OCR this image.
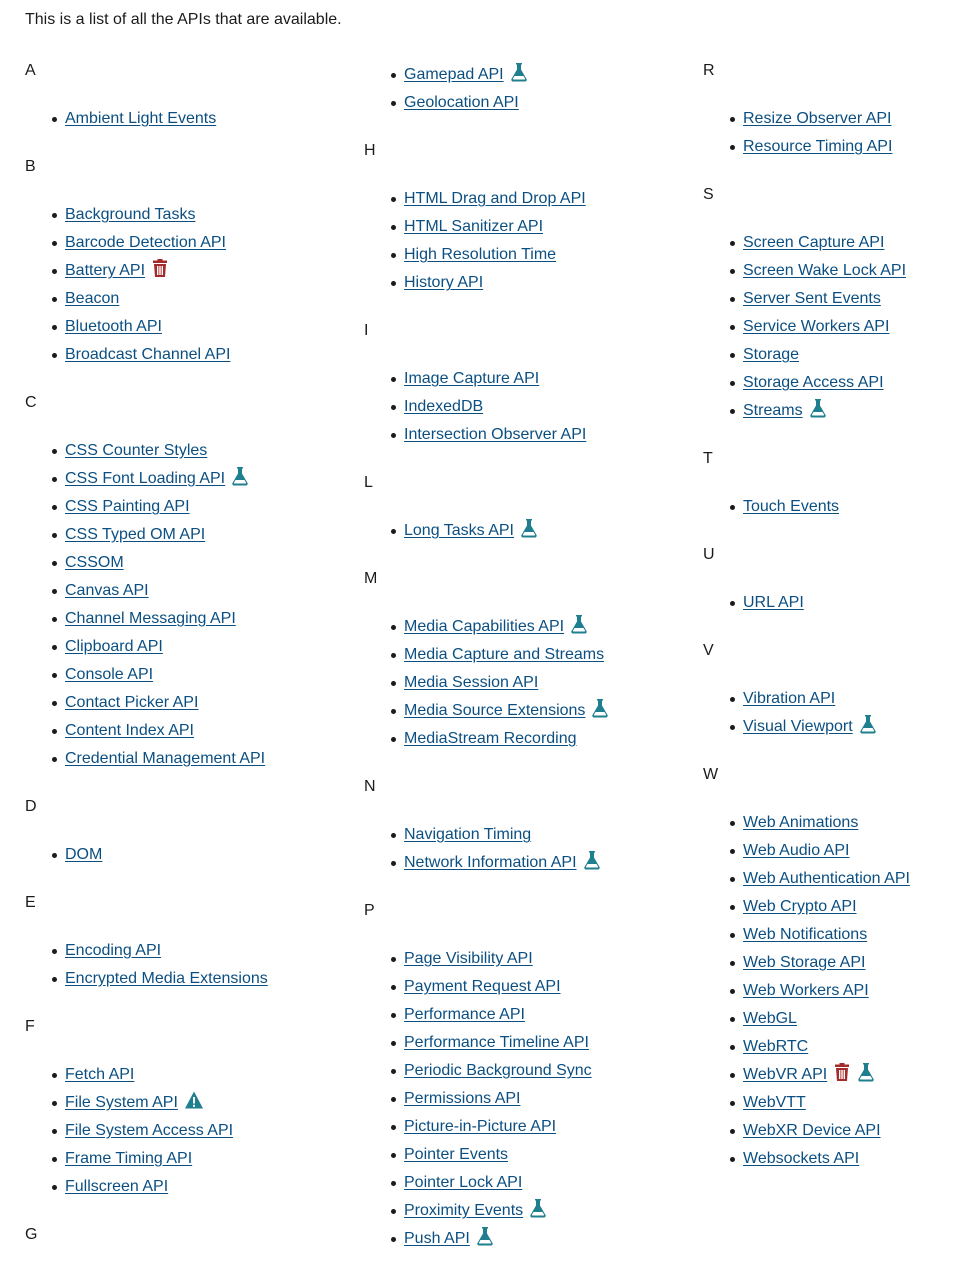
This is a list of all the APIs that are available.

A
Ambient Light Events
B
Background Tasks
Barcode Detection API
Battery API
Beacon
Bluetooth API
Broadcast Channel API
C
CSS Counter Styles
CSS Font Loading API
CSS Painting API
CSS Typed OM API
CSSOM
Canvas API
Channel Messaging API
Clipboard API
Console API
Contact Picker API
Content Index API
Credential Management API
D
DOM
E
Encoding API
Encrypted Media Extensions
F
Fetch API
File System API
File System Access API
Frame Timing API
Fullscreen API
G
Gamepad API
Geolocation API
H
HTML Drag and Drop API
HTML Sanitizer API
High Resolution Time
History API
I
Image Capture API
IndexedDB
Intersection Observer API
L
Long Tasks API
M
Media Capabilities API
Media Capture and Streams
Media Session API
Media Source Extensions
MediaStream Recording
N
Navigation Timing
Network Information API
P
Page Visibility API
Payment Request API
Performance API
Performance Timeline API
Periodic Background Sync
Permissions API
Picture-in-Picture API
Pointer Events
Pointer Lock API
Proximity Events
Push API
R
Resize Observer API
Resource Timing API
S
Screen Capture API
Screen Wake Lock API
Server Sent Events
Service Workers API
Storage
Storage Access API
Streams
T
Touch Events
U
URL API
V
Vibration API
Visual Viewport
W
Web Animations
Web Audio API
Web Authentication API
Web Crypto API
Web Notifications
Web Storage API
Web Workers API
WebGL
WebRTC
WebVR API
WebVTT
WebXR Device API
Websockets API
